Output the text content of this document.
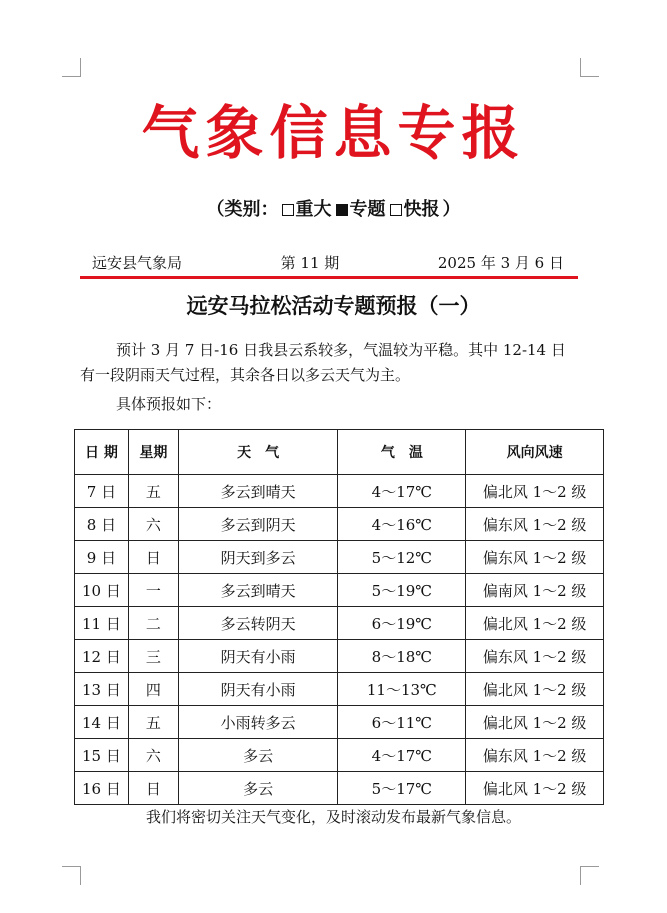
气象信息专报
（类别： 重大 专题 快报 ）
远安县气象局	第 11 期	2025 年 3 月 6 日
远安马拉松活动专题预报（一）
预计 3 月 7 日-16 日我县云系较多，气温较为平稳。其中 12-14 日有一段阴雨天气过程，其余各日以多云天气为主。
具体预报如下：
日 期	星期	天　气	气　温	风向风速
7 日	五	多云到晴天	4～17℃	偏北风 1～2 级
8 日	六	多云到阴天	4～16℃	偏东风 1～2 级
9 日	日	阴天到多云	5～12℃	偏东风 1～2 级
10 日	一	多云到晴天	5～19℃	偏南风 1～2 级
11 日	二	多云转阴天	6～19℃	偏北风 1～2 级
12 日	三	阴天有小雨	8～18℃	偏东风 1～2 级
13 日	四	阴天有小雨	11～13℃	偏北风 1～2 级
14 日	五	小雨转多云	6～11℃	偏北风 1～2 级
15 日	六	多云	4～17℃	偏东风 1～2 级
16 日	日	多云	5～17℃	偏北风 1～2 级
我们将密切关注天气变化，及时滚动发布最新气象信息。
